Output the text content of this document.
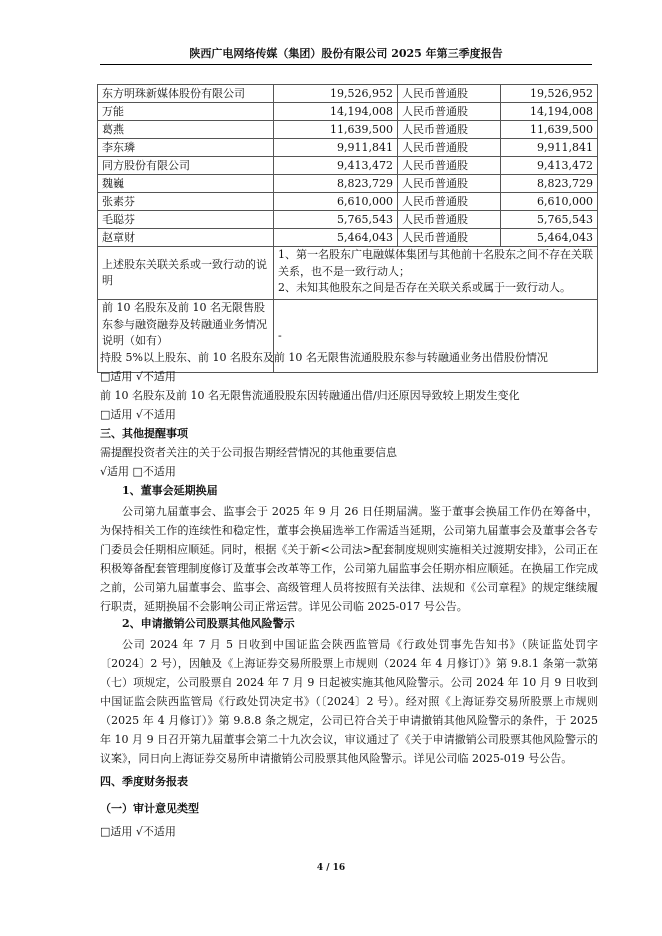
陕西广电网络传媒（集团）股份有限公司 2025 年第三季度报告
东方明珠新媒体股份有限公司	19,526,952	人民币普通股	19,526,952
万能	14,194,008	人民币普通股	14,194,008
葛燕	11,639,500	人民币普通股	11,639,500
李东璘	9,911,841	人民币普通股	9,911,841
同方股份有限公司	9,413,472	人民币普通股	9,413,472
魏巍	8,823,729	人民币普通股	8,823,729
张素芬	6,610,000	人民币普通股	6,610,000
毛聪芬	5,765,543	人民币普通股	5,765,543
赵章财	5,464,043	人民币普通股	5,464,043
上述股东关联关系或一致行动的说明	1、第一名股东广电融媒体集团与其他前十名股东之间不存在关联关系，也不是一致行动人；
2、未知其他股东之间是否存在关联关系或属于一致行动人。		
前 10 名股东及前 10 名无限售股东参与融资融券及转融通业务情况说明（如有）	-		

持股 5%以上股东、前 10 名股东及前 10 名无限售流通股股东参与转融通业务出借股份情况

□适用 √不适用

前 10 名股东及前 10 名无限售流通股股东因转融通出借/归还原因导致较上期发生变化

□适用 √不适用

三、其他提醒事项

需提醒投资者关注的关于公司报告期经营情况的其他重要信息

√适用 □不适用

1、董事会延期换届

公司第九届董事会、监事会于 2025 年 9 月 26 日任期届满。鉴于董事会换届工作仍在筹备中，为保持相关工作的连续性和稳定性，董事会换届选举工作需适当延期，公司第九届董事会及董事会各专门委员会任期相应顺延。同时，根据《关于新<公司法>配套制度规则实施相关过渡期安排》，公司正在积极筹备配套管理制度修订及董事会改革等工作，公司第九届监事会任期亦相应顺延。在换届工作完成之前，公司第九届董事会、监事会、高级管理人员将按照有关法律、法规和《公司章程》的规定继续履行职责，延期换届不会影响公司正常运营。详见公司临 2025-017 号公告。

2、申请撤销公司股票其他风险警示

公司 2024 年 7 月 5 日收到中国证监会陕西监管局《行政处罚事先告知书》（陕证监处罚字〔2024〕2 号），因触及《上海证券交易所股票上市规则（2024 年 4 月修订）》第 9.8.1 条第一款第（七）项规定，公司股票自 2024 年 7 月 9 日起被实施其他风险警示。公司 2024 年 10 月 9 日收到中国证监会陕西监管局《行政处罚决定书》（〔2024〕2 号）。经对照《上海证券交易所股票上市规则（2025 年 4 月修订）》第 9.8.8 条之规定，公司已符合关于申请撤销其他风险警示的条件，于 2025 年 10 月 9 日召开第九届董事会第二十九次会议，审议通过了《关于申请撤销公司股票其他风险警示的议案》，同日向上海证券交易所申请撤销公司股票其他风险警示。详见公司临 2025-019 号公告。

四、季度财务报表

（一）审计意见类型

□适用 √不适用

4 / 16
